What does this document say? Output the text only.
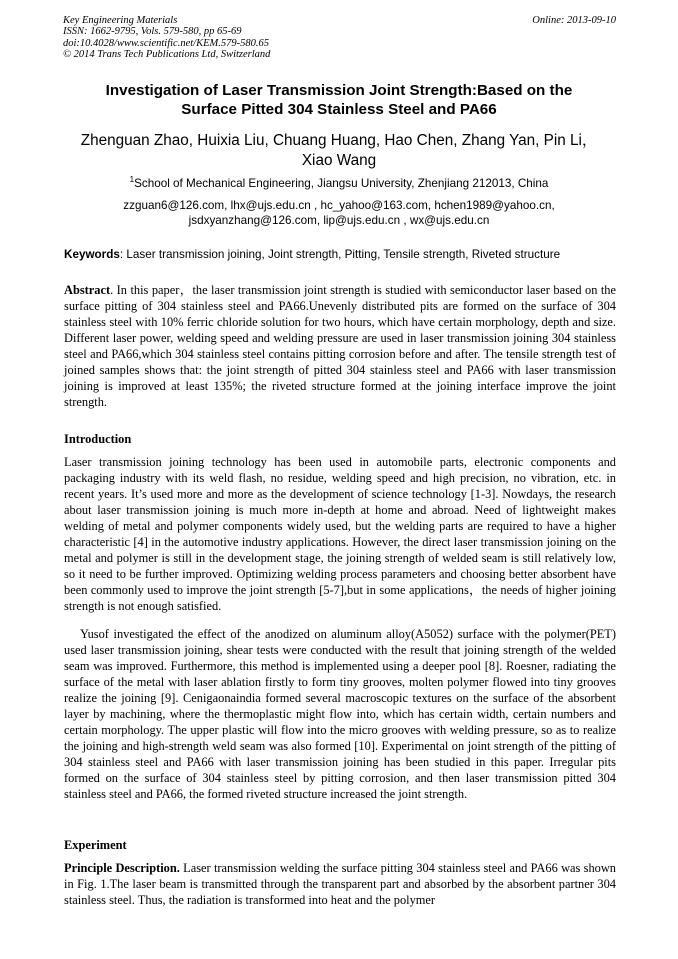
Key Engineering Materials
ISSN: 1662-9795, Vols. 579-580, pp 65-69
doi:10.4028/www.scientific.net/KEM.579-580.65
© 2014 Trans Tech Publications Ltd, Switzerland
Online: 2013-09-10
Investigation of Laser Transmission Joint Strength:Based on the
Surface Pitted 304 Stainless Steel and PA66
Zhenguan Zhao, Huixia Liu, Chuang Huang, Hao Chen, Zhang Yan, Pin Li，
Xiao Wang
$^1$School of Mechanical Engineering, Jiangsu University, Zhenjiang 212013, China
zzguan6@126.com, lhx@ujs.edu.cn , hc_yahoo@163.com, hchen1989@yahoo.cn,
jsdxyanzhang@126.com, lip@ujs.edu.cn , wx@ujs.edu.cn
Keywords: Laser transmission joining, Joint strength, Pitting, Tensile strength, Riveted structure

Abstract. In this paper，the laser transmission joint strength is studied with semiconductor laser based on the surface pitting of 304 stainless steel and PA66.Unevenly distributed pits are formed on the surface of 304 stainless steel with 10% ferric chloride solution for two hours, which have certain morphology, depth and size. Different laser power, welding speed and welding pressure are used in laser transmission joining 304 stainless steel and PA66,which 304 stainless steel contains pitting corrosion before and after. The tensile strength test of joined samples shows that: the joint strength of pitted 304 stainless steel and PA66 with laser transmission joining is improved at least 135%; the riveted structure formed at the joining interface improve the joint strength.

Introduction

Laser transmission joining technology has been used in automobile parts, electronic components and packaging industry with its weld flash, no residue, welding speed and high precision, no vibration, etc. in recent years. It’s used more and more as the development of science technology [1-3]. Nowdays, the research about laser transmission joining is much more in-depth at home and abroad. Need of lightweight makes welding of metal and polymer components widely used, but the welding parts are required to have a higher characteristic [4] in the automotive industry applications. However, the direct laser transmission joining on the metal and polymer is still in the development stage, the joining strength of welded seam is still relatively low, so it need to be further improved. Optimizing welding process parameters and choosing better absorbent have been commonly used to improve the joint strength [5-7],but in some applications，the needs of higher joining strength is not enough satisfied.

Yusof investigated the effect of the anodized on aluminum alloy(A5052) surface with the polymer(PET) used laser transmission joining, shear tests were conducted with the result that joining strength of the welded seam was improved. Furthermore, this method is implemented using a deeper pool [8]. Roesner, radiating the surface of the metal with laser ablation firstly to form tiny grooves, molten polymer flowed into tiny grooves realize the joining [9]. Cenigaonaindia formed several macroscopic textures on the surface of the absorbent layer by machining, where the thermoplastic might flow into, which has certain width, certain numbers and certain morphology. The upper plastic will flow into the micro grooves with welding pressure, so as to realize the joining and high-strength weld seam was also formed [10]. Experimental on joint strength of the pitting of 304 stainless steel and PA66 with laser transmission joining has been studied in this paper. Irregular pits formed on the surface of 304 stainless steel by pitting corrosion, and then laser transmission pitted 304 stainless steel and PA66, the formed riveted structure increased the joint strength.

Experiment

Principle Description. Laser transmission welding the surface pitting 304 stainless steel and PA66 was shown in Fig. 1.The laser beam is transmitted through the transparent part and absorbed by the absorbent partner 304 stainless steel. Thus, the radiation is transformed into heat and the polymer
